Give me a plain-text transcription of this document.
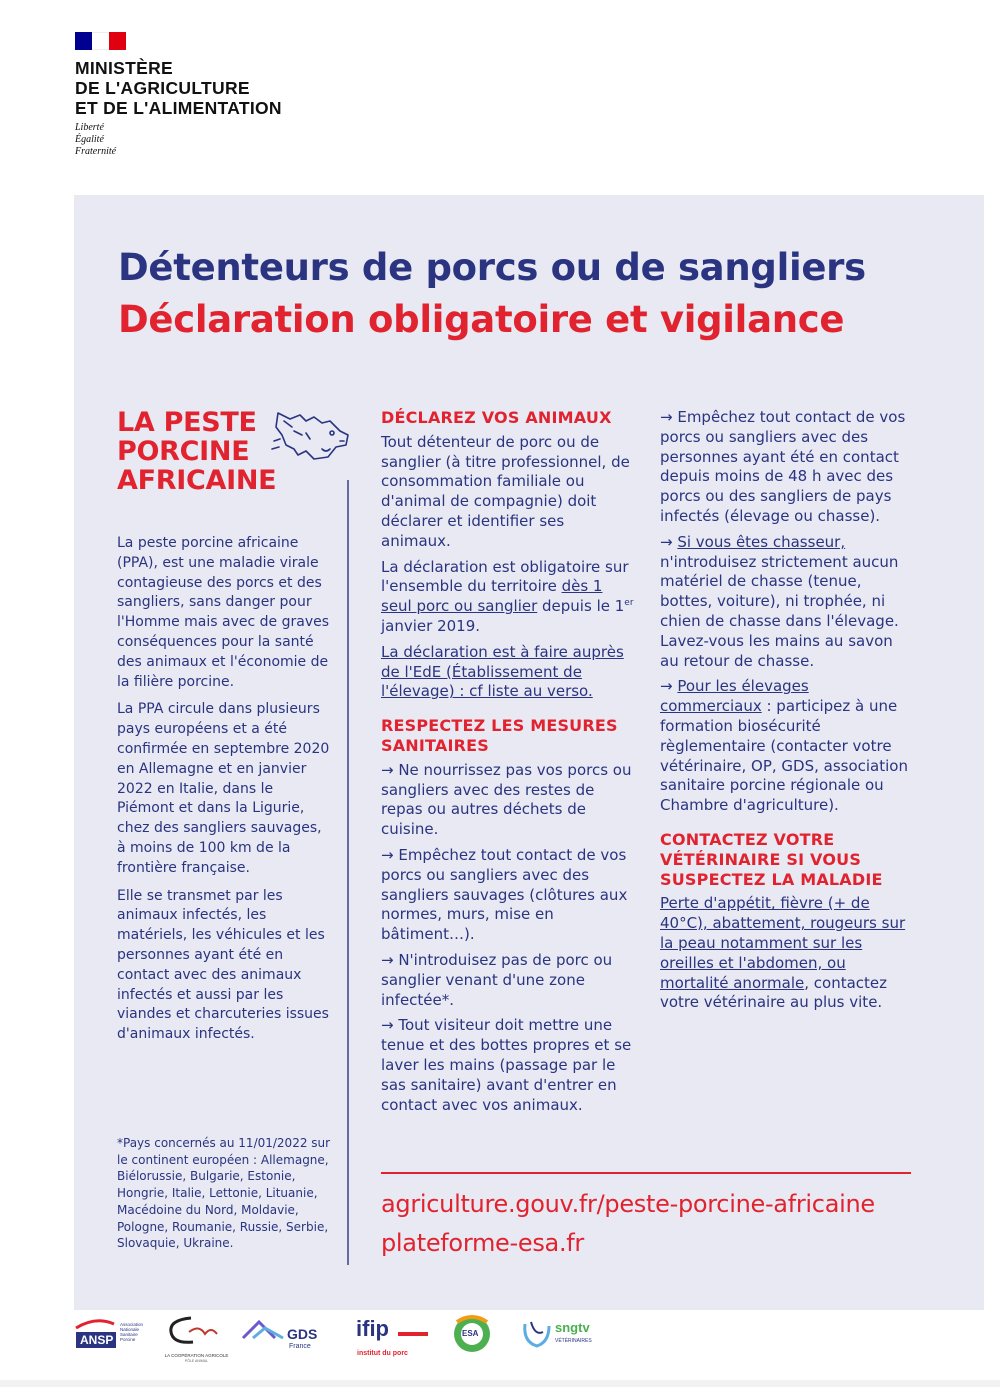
MINISTÈRE
DE L'AGRICULTURE
ET DE L'ALIMENTATION
Liberté
Égalité
Fraternité
Détenteurs de porcs ou de sangliers
Déclaration obligatoire et vigilance
LA PESTE
PORCINE
AFRICAINE

La peste porcine africaine (PPA), est une maladie virale contagieuse des porcs et des sangliers, sans danger pour l'Homme mais avec de graves conséquences pour la santé des animaux et l'économie de la filière porcine.

La PPA circule dans plusieurs pays européens et a été confirmée en septembre 2020 en Allemagne et en janvier 2022 en Italie, dans le Piémont et dans la Ligurie, chez des sangliers sauvages, à moins de 100 km de la frontière française.

Elle se transmet par les animaux infectés, les matériels, les véhicules et les personnes ayant été en contact avec des animaux infectés et aussi par les viandes et charcuteries issues d'animaux infectés.

*Pays concernés au 11/01/2022 sur le continent européen : Allemagne, Biélorussie, Bulgarie, Estonie, Hongrie, Italie, Lettonie, Lituanie, Macédoine du Nord, Moldavie, Pologne, Roumanie, Russie, Serbie, Slovaquie, Ukraine.
DÉCLAREZ VOS ANIMAUX

Tout détenteur de porc ou de sanglier (à titre professionnel, de consommation familiale ou d'animal de compagnie) doit déclarer et identifier ses animaux.

La déclaration est obligatoire sur l'ensemble du territoire dès 1 seul porc ou sanglier depuis le 1er janvier 2019.

La déclaration est à faire auprès de l'EdE (Établissement de l'élevage) : cf liste au verso.

RESPECTEZ LES MESURES SANITAIRES

→ Ne nourrissez pas vos porcs ou sangliers avec des restes de repas ou autres déchets de cuisine.

→ Empêchez tout contact de vos porcs ou sangliers avec des sangliers sauvages (clôtures aux normes, murs, mise en bâtiment…).

→ N'introduisez pas de porc ou sanglier venant d'une zone infectée*.

→ Tout visiteur doit mettre une tenue et des bottes propres et se laver les mains (passage par le sas sanitaire) avant d'entrer en contact avec vos animaux.

→ Empêchez tout contact de vos porcs ou sangliers avec des personnes ayant été en contact depuis moins de 48 h avec des porcs ou des sangliers de pays infectés (élevage ou chasse).

→ Si vous êtes chasseur, n'introduisez strictement aucun matériel de chasse (tenue, bottes, voiture), ni trophée, ni chien de chasse dans l'élevage. Lavez-vous les mains au savon au retour de chasse.

→ Pour les élevages commerciaux : participez à une formation biosécurité règlementaire (contacter votre vétérinaire, OP, GDS, association sanitaire porcine régionale ou Chambre d'agriculture).

CONTACTEZ VOTRE VÉTÉRINAIRE SI VOUS SUSPECTEZ LA MALADIE

Perte d'appétit, fièvre (+ de 40°C), abattement, rougeurs sur la peau notamment sur les oreilles et l'abdomen, ou mortalité anormale, contactez votre vétérinaire au plus vite.

agriculture.gouv.fr/peste-porcine-africaine
plateforme-esa.fr
ANSP
Association Nationale Sanitaire Porcine
LA COOPÉRATION AGRICOLE
PÔLE ANIMAL
GDS
France
ifip
institut du porc
ESA	sngtv
VÉTÉRINAIRES
